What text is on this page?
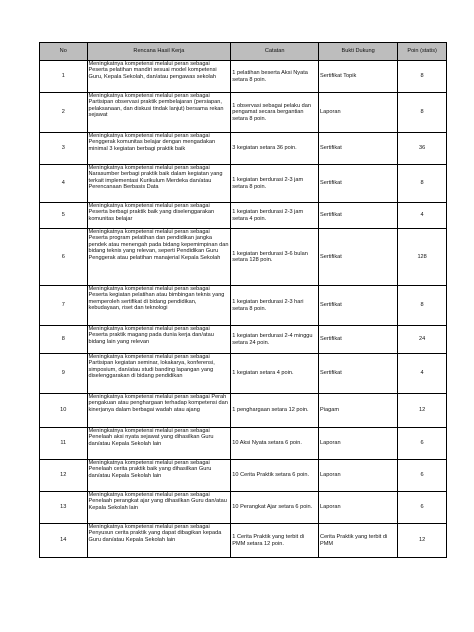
No	Rencana Hasil Kerja	Catatan	Bukti Dukung	Poin (statis)
1	Meningkatnya kompetensi melalui peran sebagai Peserta pelatihan mandiri sesuai model kompetensi Guru, Kepala Sekolah, dan/atau pengawas sekolah	1 pelatihan beserta Aksi Nyata setara 8 poin.	Sertifikat Topik	8
2	Meningkatnya kompetensi melalui peran sebagai Partisipan observasi praktik pembelajaran (persiapan, pelaksanaan, dan diskusi tindak lanjut) bersama rekan sejawat	1 observasi sebagai pelaku dan pengamat secara bergantian setara 8 poin.	Laporan	8
3	Meningkatnya kompetensi melalui peran sebagai Penggerak komunitas belajar dengan mengadakan minimal 3 kegiatan berbagi praktik baik	3 kegiatan setara 36 poin.	Sertifikat	36
4	Meningkatnya kompetensi melalui peran sebagai Narasumber berbagi praktik baik dalam kegiatan yang terkait implementasi Kurikulum Merdeka dan/atau Perencanaan Berbasis Data	1 kegiatan berdurasi 2-3 jam setara 8 poin.	Sertifikat	8
5	Meningkatnya kompetensi melalui peran sebagai Peserta berbagi praktik baik yang diselenggarakan komunitas belajar	1 kegiatan berdurasi 2-3 jam setara 4 poin.	Sertifikat	4
6	Meningkatnya kompetensi melalui peran sebagai Peserta program pelatihan dan pendidikan jangka pendek atau menengah pada bidang kepemimpinan dan bidang teknis yang relevan, seperti Pendidikan Guru Penggerak atau pelatihan manajerial Kepala Sekolah	1 kegiatan berdurasi 3-6 bulan setara 128 poin.	Sertifikat	128
7	Meningkatnya kompetensi melalui peran sebagai Peserta kegiatan pelatihan atau bimbingan teknis yang memperoleh sertifikat di bidang pendidikan, kebudayaan, riset dan teknologi	1 kegiatan berdurasi 2-3 hari setara 8 poin.	Sertifikat	8
8	Meningkatnya kompetensi melalui peran sebagai Peserta praktik magang pada dunia kerja dan/atau bidang lain yang relevan	1 kegiatan berdurasi 2-4 minggu setara 24 poin.	Sertifikat	24
9	Meningkatnya kompetensi melalui peran sebagai Partisipan kegiatan seminar, lokakarya, konferensi, simposium, dan/atau studi banding lapangan yang diselenggarakan di bidang pendidikan	1 kegiatan setara 4 poin.	Sertifikat	4
10	Meningkatnya kompetensi melalui peran sebagai Perah pengakuan atau penghargaan terhadap kompetensi dan kinerjanya dalam berbagai wadah atau ajang	1 penghargaan setara 12 poin.	Piagam	12
11	Meningkatnya kompetensi melalui peran sebagai Penelaah aksi nyata sejawat yang dihasilkan Guru dan/atau Kepala Sekolah lain	10 Aksi Nyata setara 6 poin.	Laporan	6
12	Meningkatnya kompetensi melalui peran sebagai Penelaah cerita praktik baik yang dihasilkan Guru dan/atau Kepala Sekolah lain	10 Cerita Praktik setara 6 poin.	Laporan	6
13	Meningkatnya kompetensi melalui peran sebagai Penelaah perangkat ajar yang dihasilkan Guru dan/atau Kepala Sekolah lain	10 Perangkat Ajar setara 6 poin.	Laporan	6
14	Meningkatnya kompetensi melalui peran sebagai Penyusun cerita praktik yang dapat dibagikan kepada Guru dan/atau Kepala Sekolah lain	1 Cerita Praktik yang terbit di PMM setara 12 poin.	Cerita Praktik yang terbit di PMM	12
